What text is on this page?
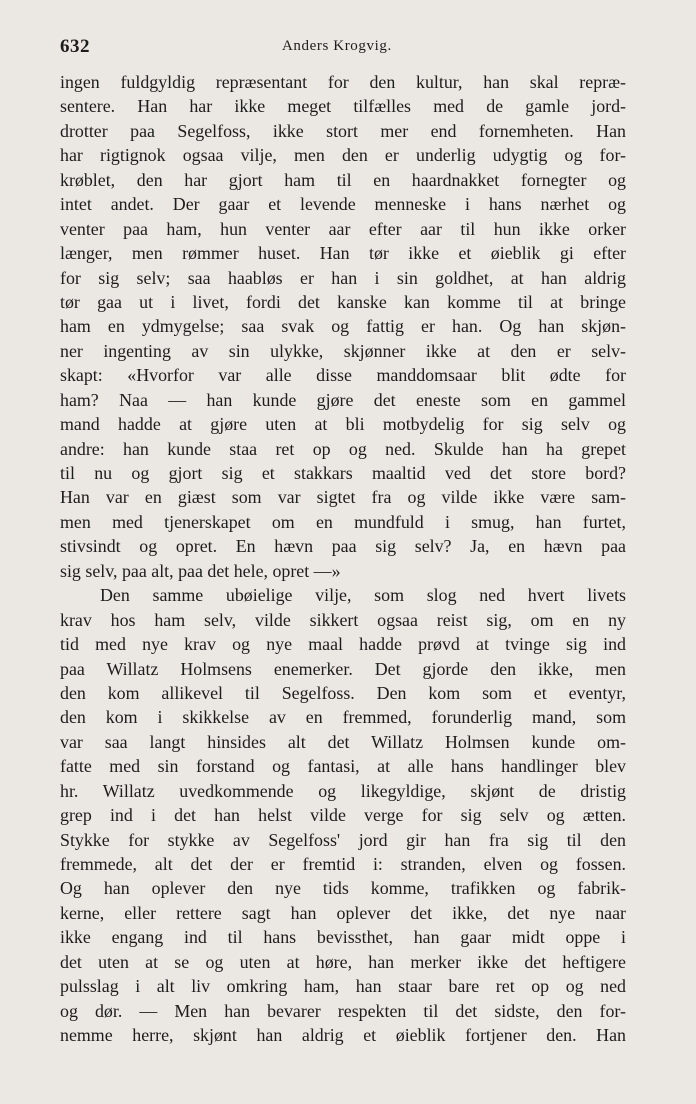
632	Anders Krogvig.
ingen fuldgyldig repræsentant for den kultur, han skal repræ-
sentere. Han har ikke meget tilfælles med de gamle jord-
drotter paa Segelfoss, ikke stort mer end fornemheten. Han
har rigtignok ogsaa vilje, men den er underlig udygtig og for-
krøblet, den har gjort ham til en haardnakket fornegter og
intet andet. Der gaar et levende menneske i hans nærhet og
venter paa ham, hun venter aar efter aar til hun ikke orker
længer, men rømmer huset. Han tør ikke et øieblik gi efter
for sig selv; saa haabløs er han i sin goldhet, at han aldrig
tør gaa ut i livet, fordi det kanske kan komme til at bringe
ham en ydmygelse; saa svak og fattig er han. Og han skjøn-
ner ingenting av sin ulykke, skjønner ikke at den er selv-
skapt: «Hvorfor var alle disse manddomsaar blit ødte for
ham? Naa — han kunde gjøre det eneste som en gammel
mand hadde at gjøre uten at bli motbydelig for sig selv og
andre: han kunde staa ret op og ned. Skulde han ha grepet
til nu og gjort sig et stakkars maaltid ved det store bord?
Han var en giæst som var sigtet fra og vilde ikke være sam-
men med tjenerskapet om en mundfuld i smug, han furtet,
stivsindt og opret. En hævn paa sig selv? Ja, en hævn paa
sig selv, paa alt, paa det hele, opret —»
Den samme ubøielige vilje, som slog ned hvert livets
krav hos ham selv, vilde sikkert ogsaa reist sig, om en ny
tid med nye krav og nye maal hadde prøvd at tvinge sig ind
paa Willatz Holmsens enemerker. Det gjorde den ikke, men
den kom allikevel til Segelfoss. Den kom som et eventyr,
den kom i skikkelse av en fremmed, forunderlig mand, som
var saa langt hinsides alt det Willatz Holmsen kunde om-
fatte med sin forstand og fantasi, at alle hans handlinger blev
hr. Willatz uvedkommende og likegyldige, skjønt de dristig
grep ind i det han helst vilde verge for sig selv og ætten.
Stykke for stykke av Segelfoss' jord gir han fra sig til den
fremmede, alt det der er fremtid i: stranden, elven og fossen.
Og han oplever den nye tids komme, trafikken og fabrik-
kerne, eller rettere sagt han oplever det ikke, det nye naar
ikke engang ind til hans bevissthet, han gaar midt oppe i
det uten at se og uten at høre, han merker ikke det heftigere
pulsslag i alt liv omkring ham, han staar bare ret op og ned
og dør. — Men han bevarer respekten til det sidste, den for-
nemme herre, skjønt han aldrig et øieblik fortjener den. Han
